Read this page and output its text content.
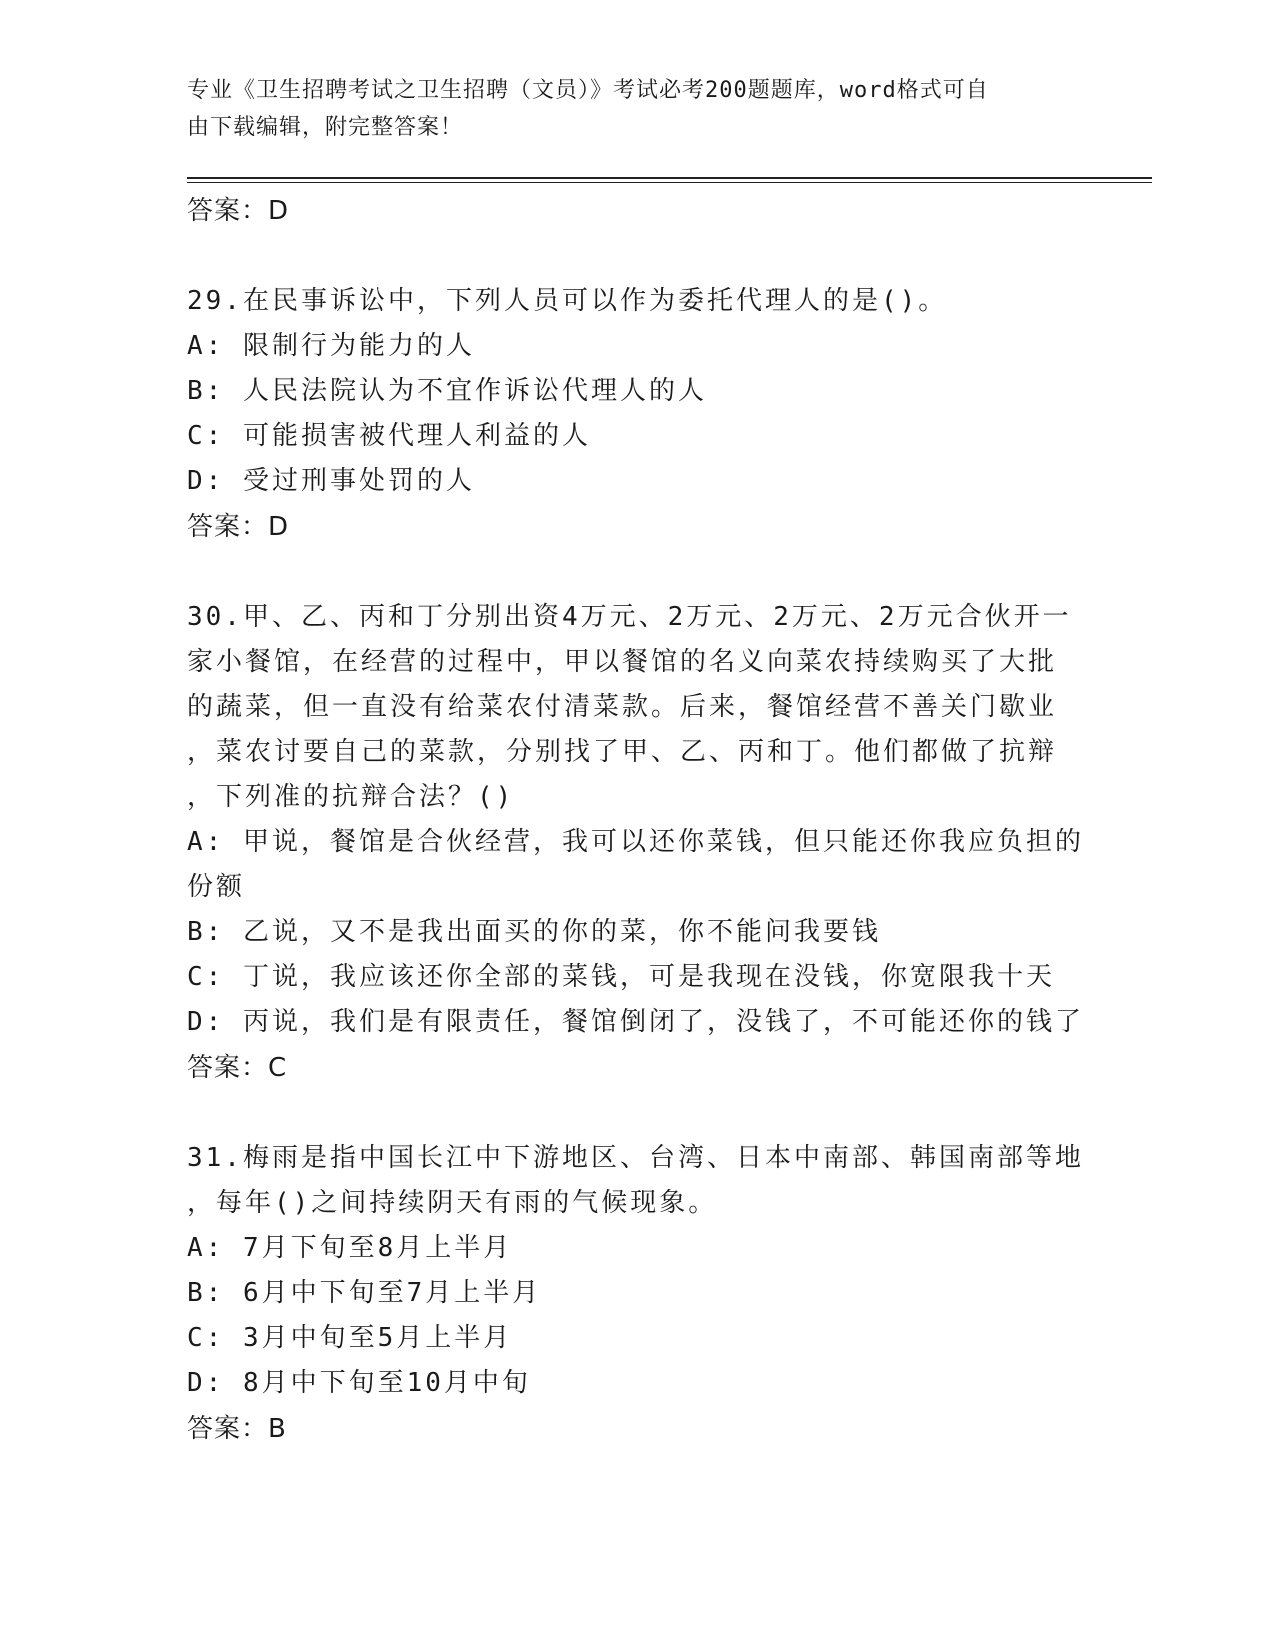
专业《卫生招聘考试之卫生招聘（文员）》考试必考200题题库，word格式可自
由下载编辑，附完整答案！
答案：D
29.在民事诉讼中，下列人员可以作为委托代理人的是()。
A: 限制行为能力的人
B: 人民法院认为不宜作诉讼代理人的人
C: 可能损害被代理人利益的人
D: 受过刑事处罚的人
答案：D
30.甲、乙、丙和丁分别出资4万元、2万元、2万元、2万元合伙开一
家小餐馆，在经营的过程中，甲以餐馆的名义向菜农持续购买了大批
的蔬菜，但一直没有给菜农付清菜款。后来，餐馆经营不善关门歇业
，菜农讨要自己的菜款，分别找了甲、乙、丙和丁。他们都做了抗辩
，下列准的抗辩合法？()
A: 甲说，餐馆是合伙经营，我可以还你菜钱，但只能还你我应负担的
份额
B: 乙说，又不是我出面买的你的菜，你不能问我要钱
C: 丁说，我应该还你全部的菜钱，可是我现在没钱，你宽限我十天
D: 丙说，我们是有限责任，餐馆倒闭了，没钱了，不可能还你的钱了
答案：C
31.梅雨是指中国长江中下游地区、台湾、日本中南部、韩国南部等地
，每年()之间持续阴天有雨的气候现象。
A: 7月下旬至8月上半月
B: 6月中下旬至7月上半月
C: 3月中旬至5月上半月
D: 8月中下旬至10月中旬
答案：B
